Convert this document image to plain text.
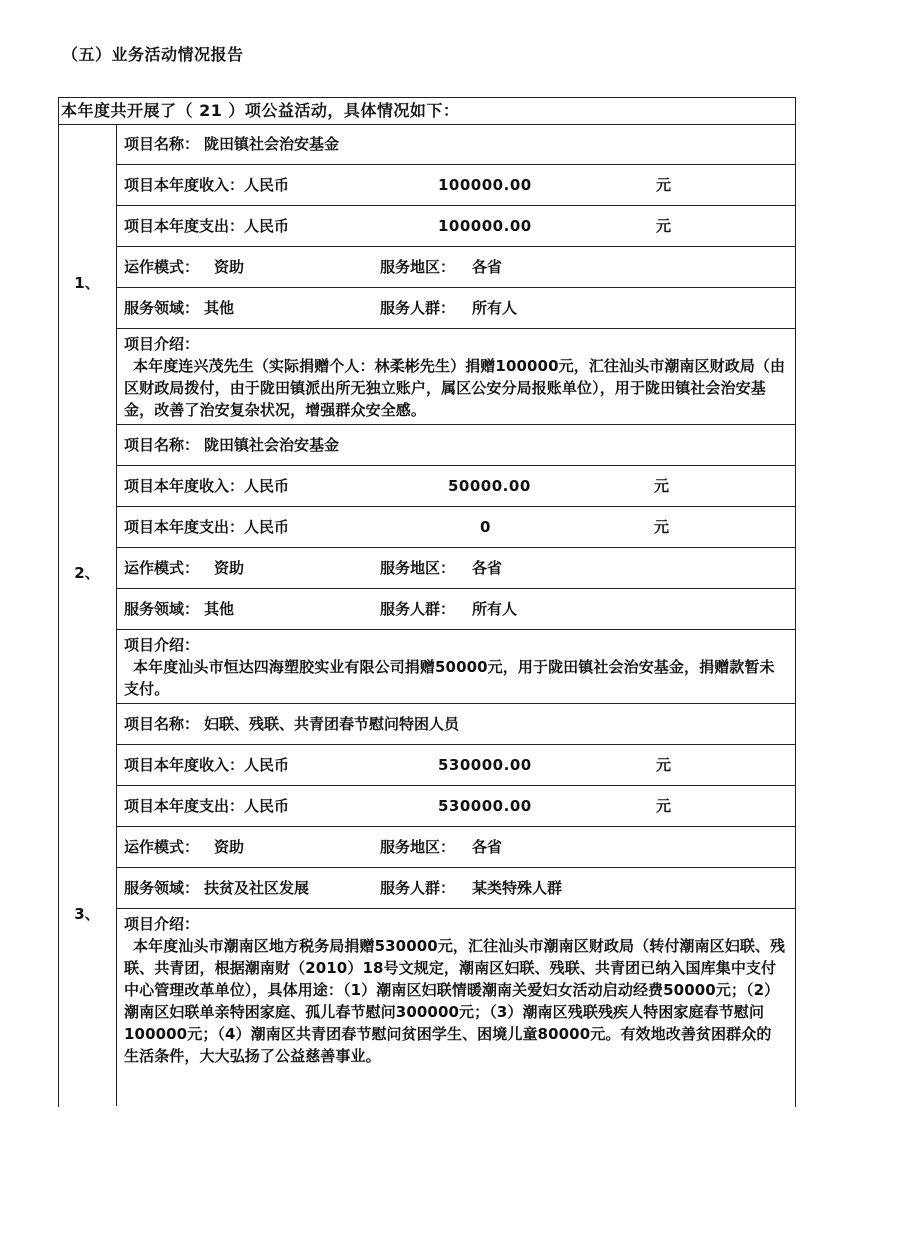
（五）业务活动情况报告
本年度共开展了（ 21 ）项公益活动，具体情况如下：
1、
项目名称： 陇田镇社会治安基金
项目本年度收入：人民币	100000.00	元
项目本年度支出：人民币	100000.00	元
运作模式： 资助	服务地区： 各省
服务领域： 其他	服务人群： 所有人
项目介绍：
本年度连兴茂先生（实际捐赠个人：林柔彬先生）捐赠100000元，汇往汕头市潮南区财政局（由区财政局拨付，由于陇田镇派出所无独立账户，属区公安分局报账单位），用于陇田镇社会治安基金，改善了治安复杂状况，增强群众安全感。
2、
项目名称： 陇田镇社会治安基金
项目本年度收入：人民币	50000.00	元
项目本年度支出：人民币	0	元
运作模式： 资助	服务地区： 各省
服务领域： 其他	服务人群： 所有人
项目介绍：
本年度汕头市恒达四海塑胶实业有限公司捐赠50000元，用于陇田镇社会治安基金，捐赠款暂未支付。
3、
项目名称： 妇联、残联、共青团春节慰问特困人员
项目本年度收入：人民币	530000.00	元
项目本年度支出：人民币	530000.00	元
运作模式： 资助	服务地区： 各省
服务领域： 扶贫及社区发展	服务人群： 某类特殊人群
项目介绍：
本年度汕头市潮南区地方税务局捐赠530000元，汇往汕头市潮南区财政局（转付潮南区妇联、残联、共青团，根据潮南财（2010）18号文规定，潮南区妇联、残联、共青团已纳入国库集中支付中心管理改革单位），具体用途：（1）潮南区妇联情暖潮南关爱妇女活动启动经费50000元；（2）潮南区妇联单亲特困家庭、孤儿春节慰问300000元；（3）潮南区残联残疾人特困家庭春节慰问100000元；（4）潮南区共青团春节慰问贫困学生、困境儿童80000元。有效地改善贫困群众的生活条件，大大弘扬了公益慈善事业。
